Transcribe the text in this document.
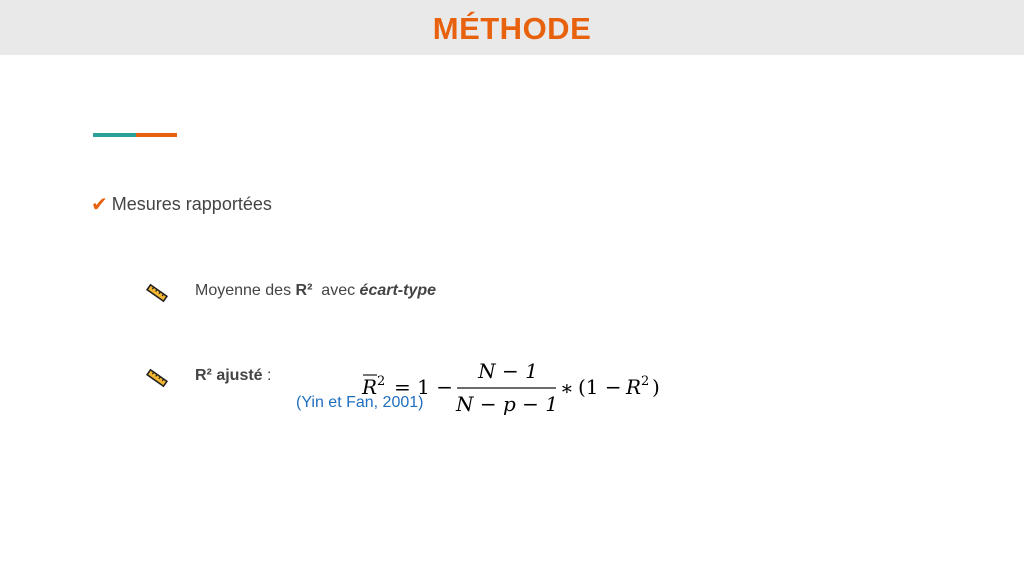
MÉTHODE
✔ Mesures rapportées
Moyenne des R²  avec écart-type
R² ajusté :	R 2 = 1 −
N − 1
N − p − 1
∗ (1 − R 2 )
(Yin et Fan, 2001)
